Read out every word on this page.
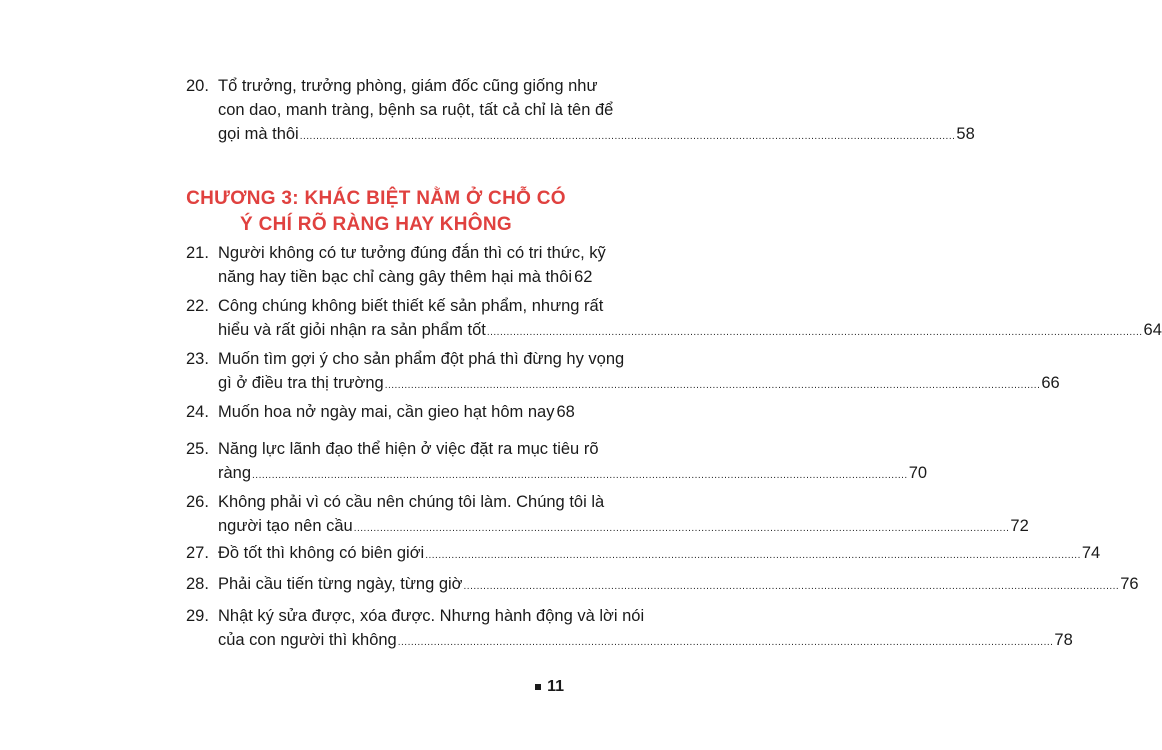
20. Tổ trưởng, trưởng phòng, giám đốc cũng giống như
con dao, manh tràng, bệnh sa ruột, tất cả chỉ là tên để
gọi mà thôi ........................................................................................................................................................................................................ 58
CHƯƠNG 3: KHÁC BIỆT NẰM Ở CHỖ CÓ
Ý CHÍ RÕ RÀNG HAY KHÔNG
21. Người không có tư tưởng đúng đắn thì có tri thức, kỹ
năng hay tiền bạc chỉ càng gây thêm hại mà thôi 62
22. Công chúng không biết thiết kế sản phẩm, nhưng rất
hiểu và rất giỏi nhận ra sản phẩm tốt ........................................................................................................................................................................................................ 64
23. Muốn tìm gợi ý cho sản phẩm đột phá thì đừng hy vọng
gì ở điều tra thị trường ........................................................................................................................................................................................................ 66
24. Muốn hoa nở ngày mai, cần gieo hạt hôm nay 68
25. Năng lực lãnh đạo thể hiện ở việc đặt ra mục tiêu rõ
ràng ........................................................................................................................................................................................................ 70
26. Không phải vì có cầu nên chúng tôi làm. Chúng tôi là
người tạo nên cầu ........................................................................................................................................................................................................ 72
27. Đồ tốt thì không có biên giới ........................................................................................................................................................................................................ 74
28. Phải cầu tiến từng ngày, từng giờ ........................................................................................................................................................................................................ 76
29. Nhật ký sửa được, xóa được. Nhưng hành động và lời nói
của con người thì không ........................................................................................................................................................................................................ 78
11
